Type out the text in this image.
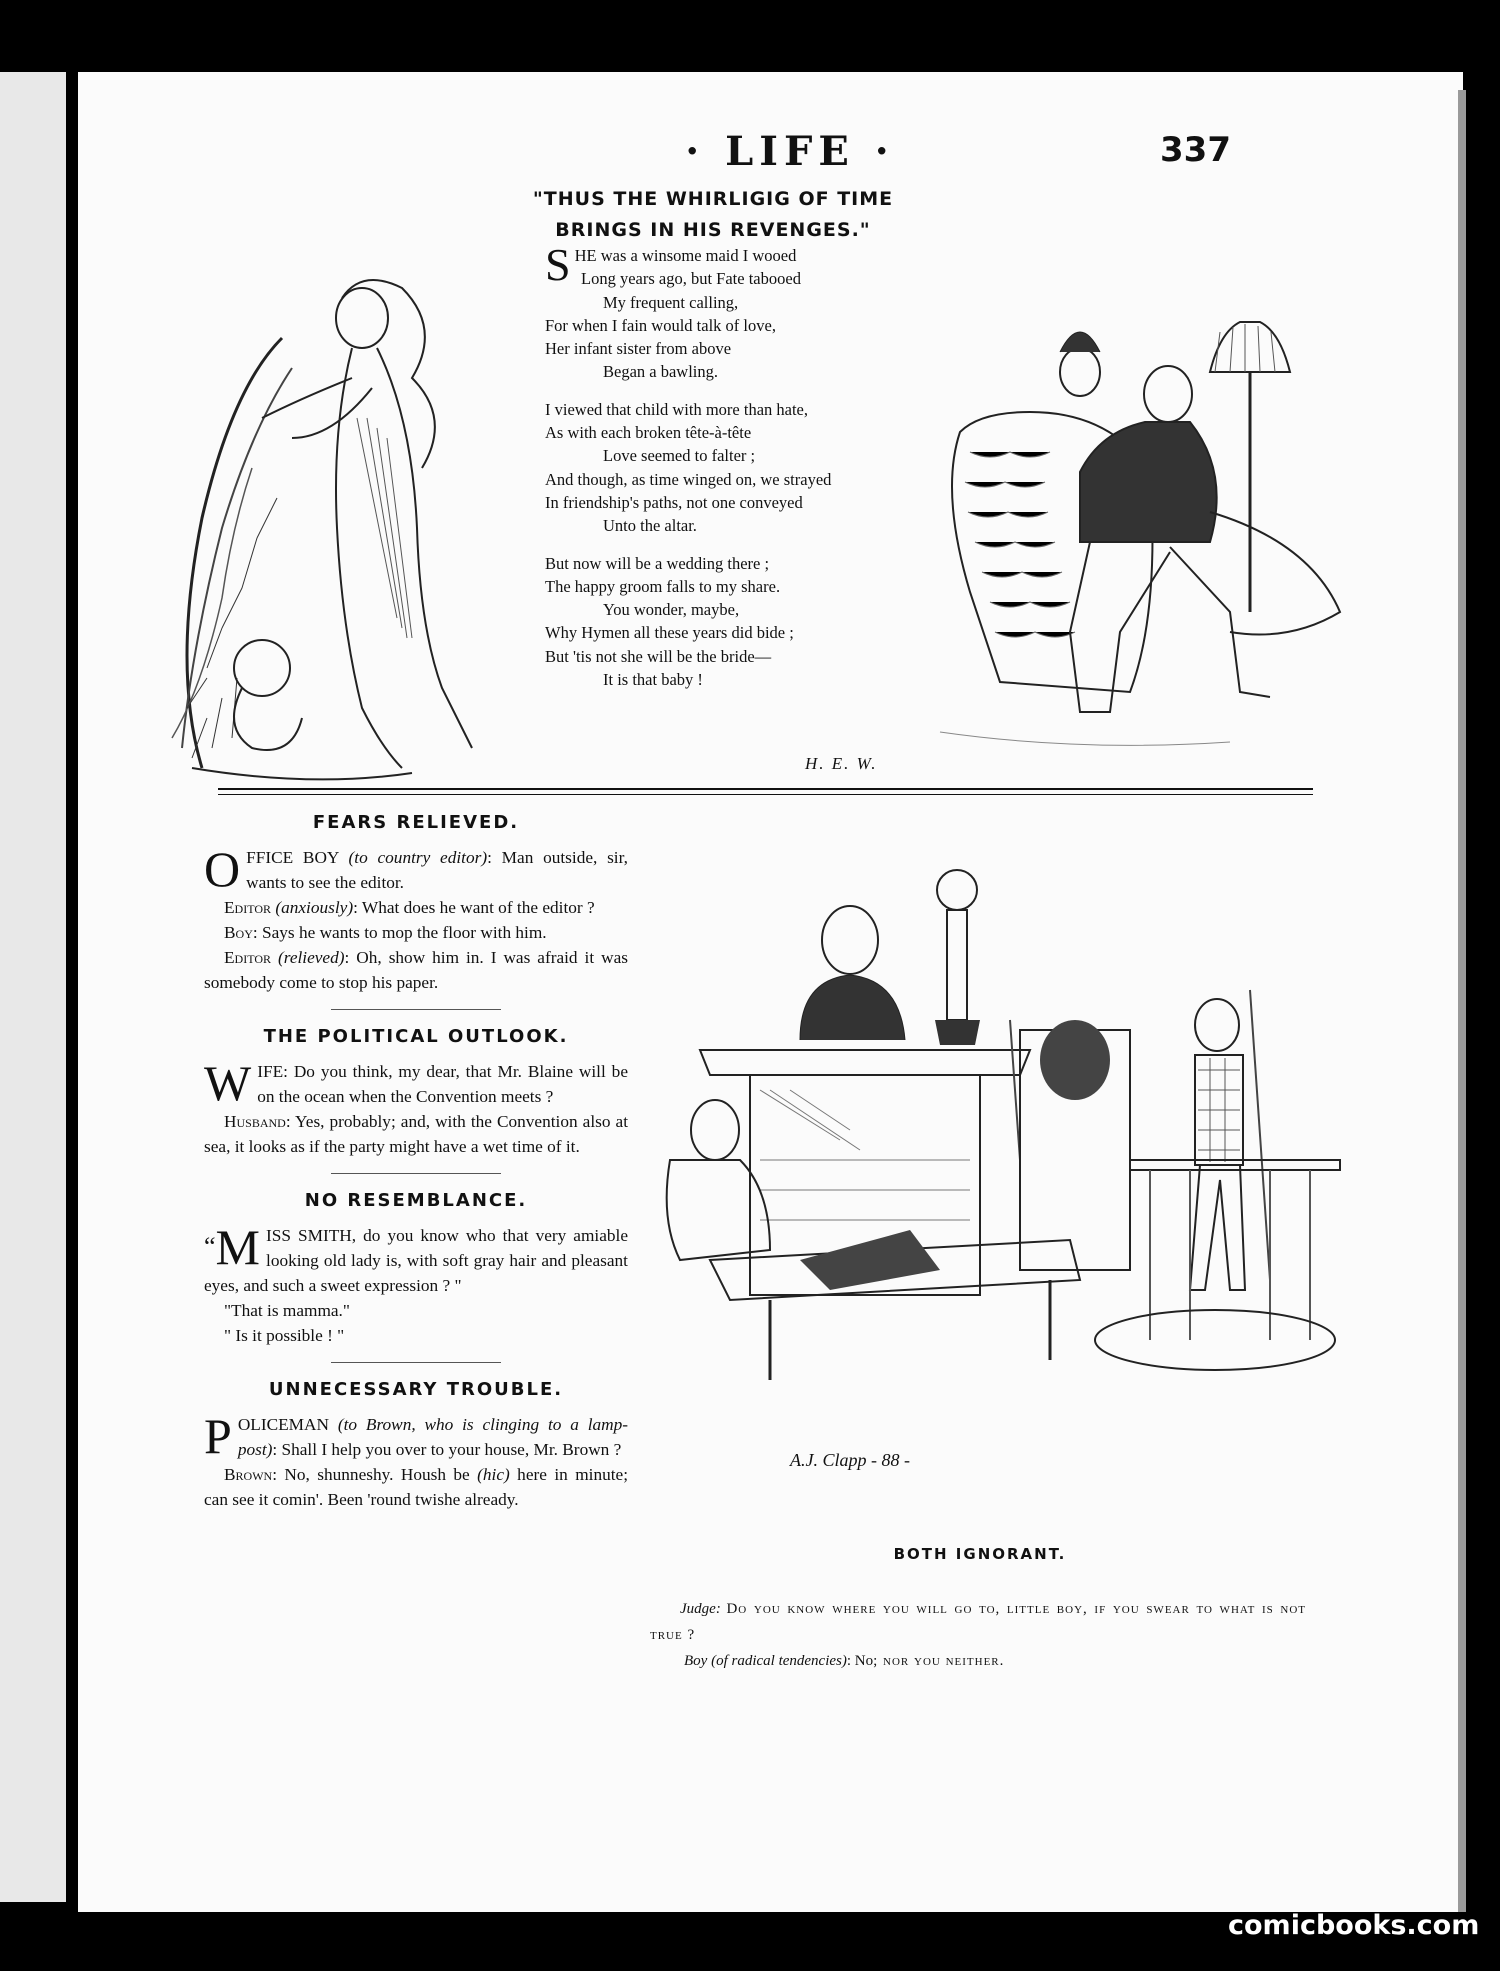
· LIFE ·	337
"THUS THE WHIRLIGIG OF TIME
BRINGS IN HIS REVENGES."
SHE was a winsome maid I wooed
Long years ago, but Fate tabooed
My frequent calling,
For when I fain would talk of love,
Her infant sister from above
Began a bawling.
I viewed that child with more than hate,
As with each broken tête-à-tête
Love seemed to falter ;
And though, as time winged on, we strayed
In friendship's paths, not one conveyed
Unto the altar.
But now will be a wedding there ;
The happy groom falls to my share.
You wonder, maybe,
Why Hymen all these years did bide ;
But 'tis not she will be the bride—
It is that baby !
H. E. W.
FEARS RELIEVED.

OFFICE BOY (to country editor): Man outside, sir, wants to see the editor.

Editor (anxiously): What does he want of the editor ?

Boy: Says he wants to mop the floor with him.

Editor (relieved): Oh, show him in. I was afraid it was somebody come to stop his paper.

THE POLITICAL OUTLOOK.

WIFE: Do you think, my dear, that Mr. Blaine will be on the ocean when the Convention meets ?

Husband: Yes, probably; and, with the Convention also at sea, it looks as if the party might have a wet time of it.

NO RESEMBLANCE.

“M ISS SMITH, do you know who that very amiable looking old lady is, with soft gray hair and pleasant eyes, and such a sweet expression ? "

"That is mamma."

" Is it possible ! "

UNNECESSARY TROUBLE.

POLICEMAN (to Brown, who is clinging to a lamp-post): Shall I help you over to your house, Mr. Brown ?

Brown: No, shunneshy. Housh be (hic) here in minute; can see it comin'. Been 'round twishe already.

A.J. Clapp - 88 -
BOTH IGNORANT.
Judge: Do you know where you will go to, little boy, if you swear to what is not true ?
Boy (of radical tendencies): No; nor you neither.
comicbooks.com
